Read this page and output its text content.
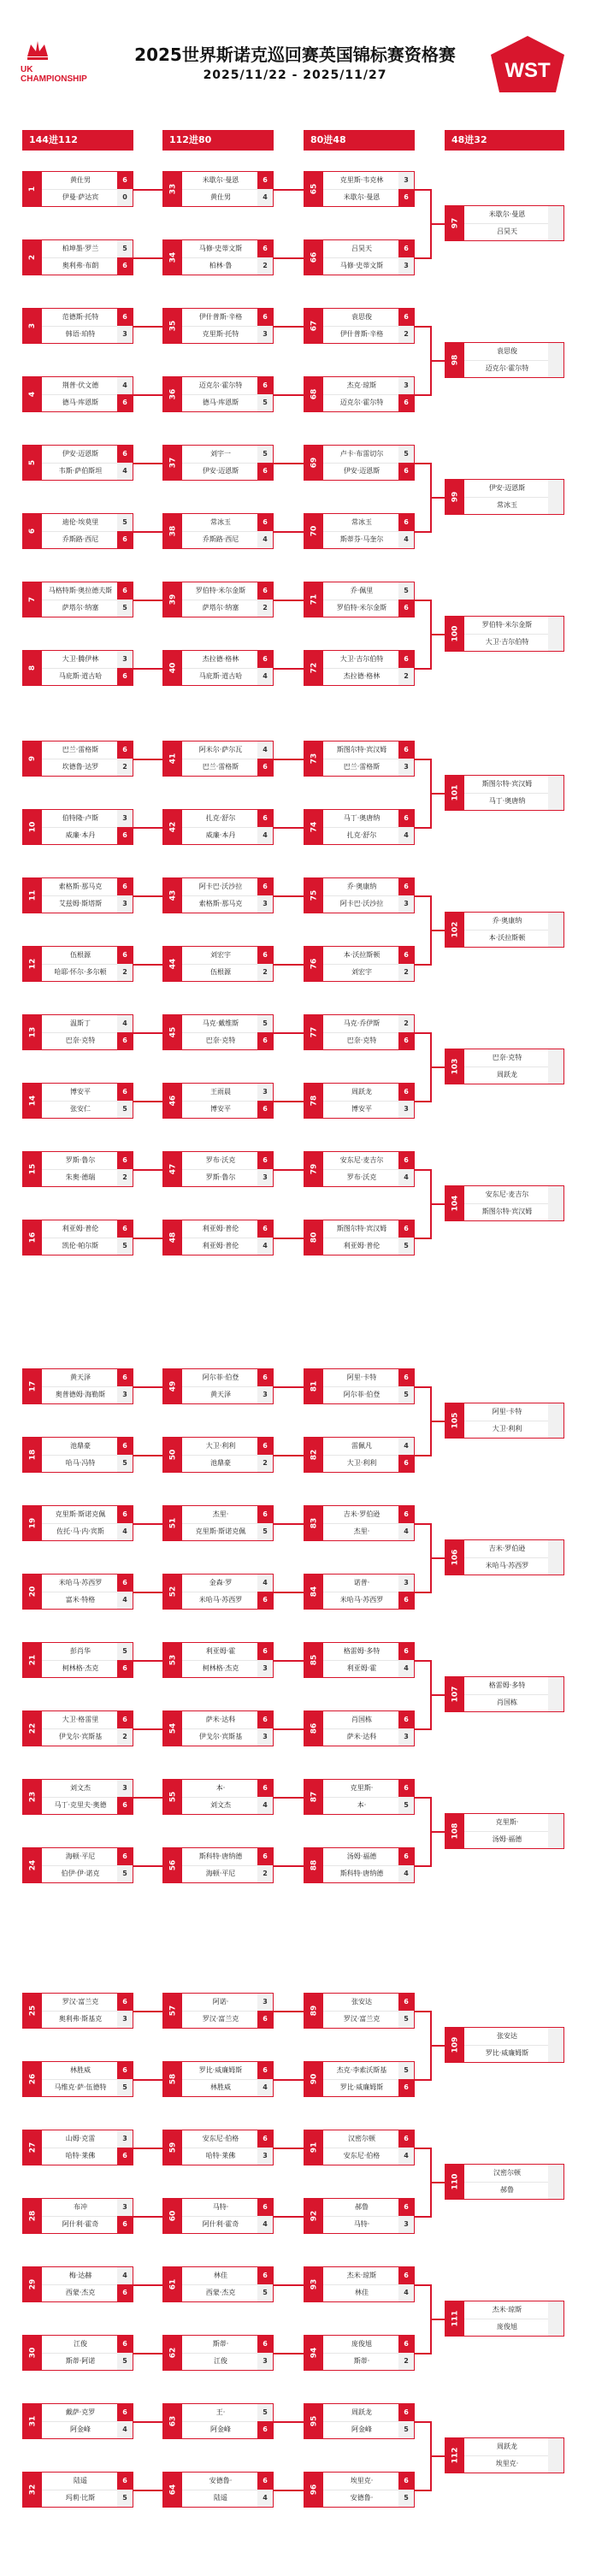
UK
CHAMPIONSHIP
2025世界斯诺克巡回赛英国锦标赛资格赛
2025/11/22 - 2025/11/27	WST
144进112	112进80	80进48	48进32
1
黄仕男	6
伊曼·萨达宾	0
2
柏坤墨·罗兰	5
奥利弗·布朗	6
3
范德斯·托特	6
韩语·珀特	3
4
荆普·伏文德	4
德马·库恩斯	6
5
伊安·迈恩斯	6
韦斯·萨伯斯坦	4
6
迪伦·埃莫里	5
乔斯路·西尼	6
7
马格特斯·奥拉德夫斯	6
萨塔尔·纳塞	5
8
大卫·腾伊林	3
马庇斯·道古哈	6
9
巴兰·雷格斯	6
坎德鲁·达罗	2
10
伯特隆·卢斯	3
威廉·本丹	6
11
索格斯·那马克	6
艾兹姆·斯塔斯	3
12
伍根源	6
哈耶·怀尔·多尔顿	2
13
温斯丁	4
巴奈·克特	6
14
博安平	6
张安仁	5
15
罗斯·鲁尔	6
朱奥·德瑞	2
16
利亚姆·普伦	6
凯伦·帕尔斯	5
17
黄天泽	6
奥普德姆·海勒斯	3
18
池鼎豪	6
哈马·冯特	5
19
克里斯·斯诺克佩	6
佐托·马·内·宾斯	4
20
米哈马·苏西罗	6
富米·特格	4
21
彭肖华	5
柯林格·杰克	6
22
大卫·格雷里	6
伊戈尔·宾斯基	2
23
刘文杰	3
马丁·克里夫·奥德	6
24
海顿·平尼	6
伯伊·伊·诺克	5
25
罗汉·富兰克	6
奥利弗·斯基克	3
26
林胜威	6
马维克·萨·伍德特	5
27
山姆·克雷	3
哈特·莱佛	6
28
布冲	3
阿什利·霍奇	6
29
梅·达赫	4
西蒙·杰克	6
30
江俊	6
斯蒂·阿诺	5
31
戴萨·克罗	6
阿金峰	4
32
陆遥	6
玛莉·比斯	5
33
米歇尔·曼恩	6
黄仕男	4
34
马修·史蒂文斯	6
柏林·鲁	2
35
伊什普斯·辛格	6
克里斯·托特	3
36
迈克尔·霍尔特	6
德马·库恩斯	5
37
刘宇一	5
伊安·迈恩斯	6
38
常冰玉	6
乔斯路·西尼	4
39
罗伯特·米尔金斯	6
萨塔尔·纳塞	2
40
杰拉德·格林	6
马庇斯·道古哈	4
41
阿米尔·萨尔瓦	4
巴兰·雷格斯	6
42
扎克·舒尔	6
威廉·本丹	4
43
阿卡巴·沃沙拉	6
索格斯·那马克	3
44
刘宏宇	6
伍根源	2
45
马克·戴维斯	5
巴奈·克特	6
46
王雨晨	3
博安平	6
47
罗布·沃克	6
罗斯·鲁尔	3
48
利亚姆·普伦	6
利亚姆·普伦	4
49
阿尔菲·伯登	6
黄天泽	3
50
大卫·利利	6
池鼎豪	2
51
杰里·	6
克里斯·斯诺克佩	5
52
金森·罗	4
米哈马·苏西罗	6
53
利亚姆·霍	6
柯林格·杰克	3
54
萨米·达科	6
伊戈尔·宾斯基	3
55
本·	6
刘文杰	4
56
斯科特·唐纳德	6
海顿·平尼	2
57
阿诺·	3
罗汉·富兰克	6
58
罗比·威廉姆斯	6
林胜威	4
59
安东尼·伯格	6
哈特·莱佛	3
60
马特·	6
阿什利·霍奇	4
61
林佳	6
西蒙·杰克	5
62
斯蒂·	6
江俊	3
63
王·	5
阿金峰	6
64
安德鲁·	6
陆遥	4
65
克里斯·韦克林	3
米歇尔·曼恩	6
66
吕昊天	6
马修·史蒂文斯	3
67
袁思俊	6
伊什普斯·辛格	2
68
杰克·琼斯	3
迈克尔·霍尔特	6
69
卢卡·布雷切尔	5
伊安·迈恩斯	6
70
常冰玉	6
斯蒂芬·马奎尔	4
71
乔·佩里	5
罗伯特·米尔金斯	6
72
大卫·吉尔伯特	6
杰拉德·格林	2
73
斯图尔特·宾汉姆	6
巴兰·雷格斯	3
74
马丁·奥唐纳	6
扎克·舒尔	4
75
乔·奥康纳	6
阿卡巴·沃沙拉	3
76
本·沃拉斯顿	6
刘宏宇	2
77
马克·乔伊斯	2
巴奈·克特	6
78
周跃龙	6
博安平	3
79
安东尼·麦吉尔	6
罗布·沃克	4
80
斯图尔特·宾汉姆	6
利亚姆·普伦	5
81
阿里·卡特	6
阿尔菲·伯登	5
82
雷佩凡	4
大卫·利利	6
83
吉米·罗伯逊	6
杰里·	4
84
诺普·	3
米哈马·苏西罗	6
85
格雷姆·多特	6
利亚姆·霍	4
86
肖国栋	6
萨米·达科	3
87
克里斯·	6
本·	5
88
汤姆·福德	6
斯科特·唐纳德	4
89
张安达	6
罗汉·富兰克	5
90
杰克·李索沃斯基	5
罗比·威廉姆斯	6
91
汉密尔顿	6
安东尼·伯格	4
92
郝鲁	6
马特·	3
93
杰米·琼斯	6
林佳	4
94
庞俊旭	6
斯蒂·	2
95
周跃龙	6
阿金峰	5
96
埃里克·	6
安德鲁·	5
97
米歇尔·曼恩
吕昊天
98
袁思俊
迈克尔·霍尔特
99
伊安·迈恩斯
常冰玉
100
罗伯特·米尔金斯
大卫·吉尔伯特
101
斯图尔特·宾汉姆
马丁·奥唐纳
102
乔·奥康纳
本·沃拉斯顿
103
巴奈·克特
周跃龙
104
安东尼·麦吉尔
斯图尔特·宾汉姆
105
阿里·卡特
大卫·利利
106
吉米·罗伯逊
米哈马·苏西罗
107
格雷姆·多特
肖国栋
108
克里斯·
汤姆·福德
109
张安达
罗比·威廉姆斯
110
汉密尔顿
郝鲁
111
杰米·琼斯
庞俊旭
112
周跃龙
埃里克·
